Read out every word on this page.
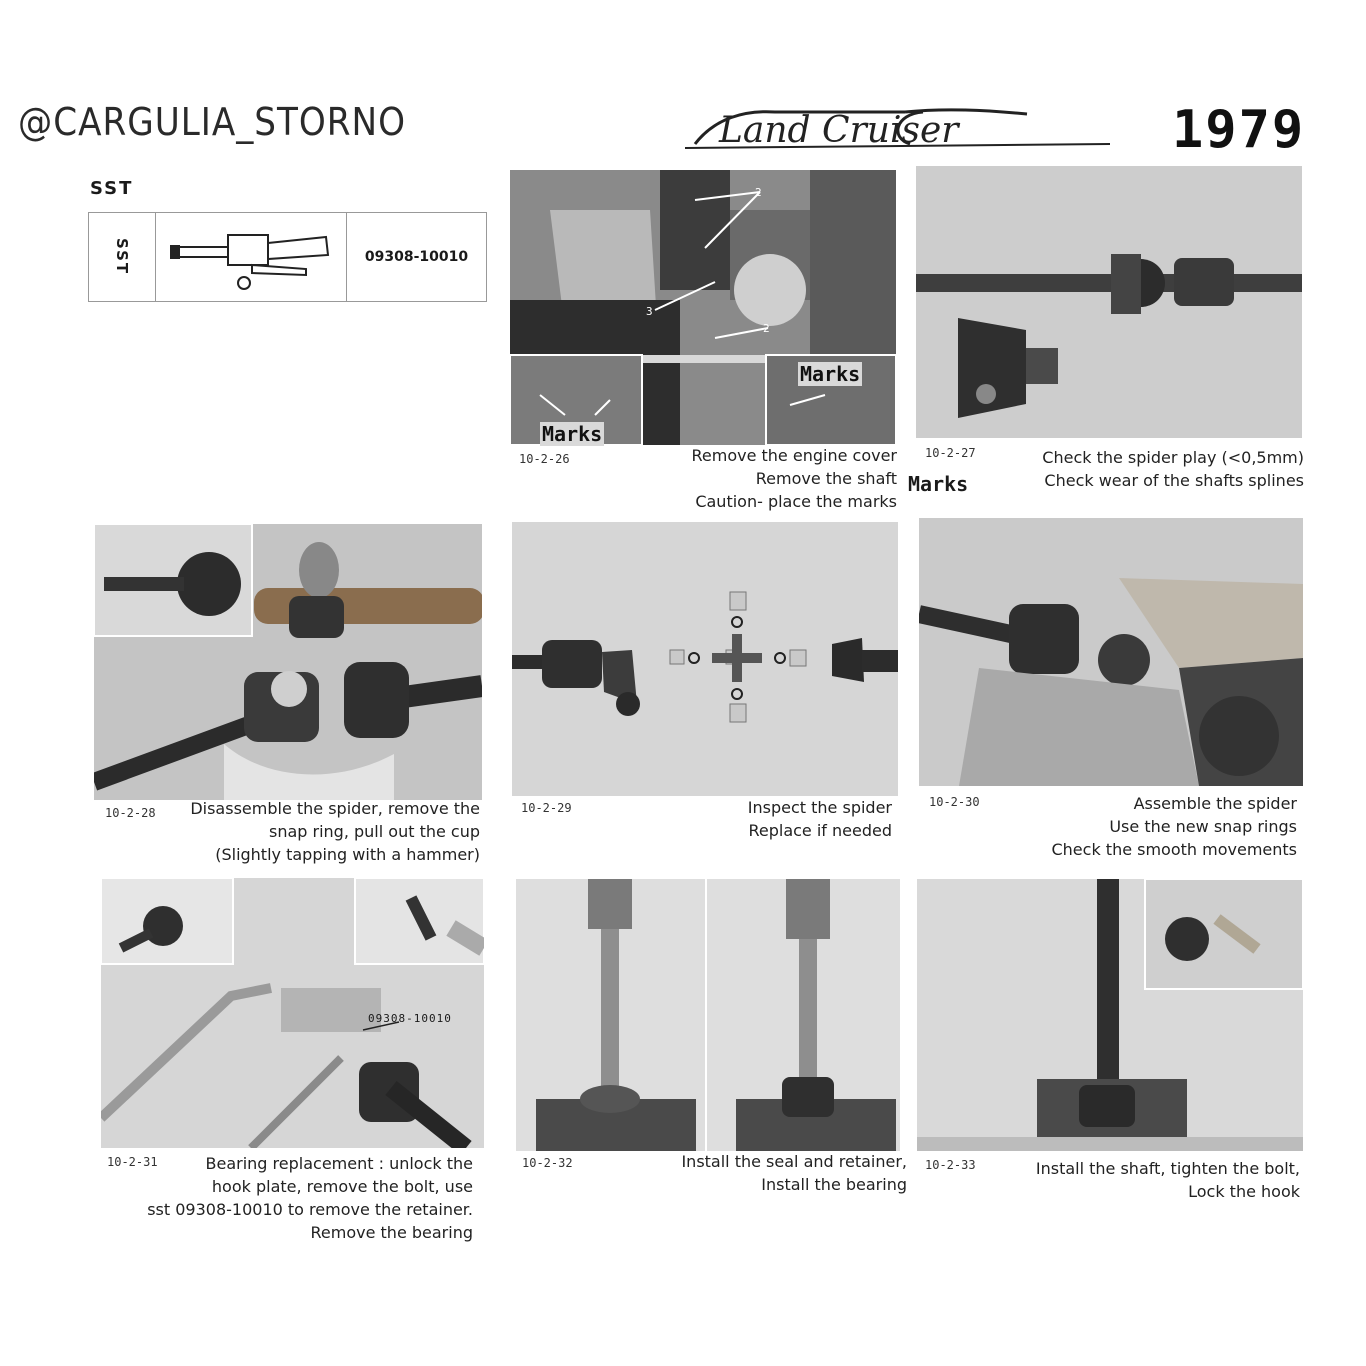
@CARGULIA_STORNO	Land Cruiser	1979
SST
SST	09308-10010
2
2
3
Marks
Marks
10-2-26	Remove the engine cover
Remove the shaft
Caution- place the marks
10-2-27
Marks
Check the spider play (<0,5mm)
Check wear of the shafts splines
10-2-28 Disassemble the spider, remove the
snap ring, pull out the cup
(Slightly tapping with a hammer)
10-2-29	Inspect the spider
Replace if needed
10-2-30	Assemble the spider
Use the new snap rings
Check the smooth movements
09308-10010
10-2-31	Bearing replacement : unlock the
hook plate, remove the bolt, use
sst 09308-10010 to remove the retainer.
Remove the bearing
10-2-32	Install the seal and retainer,
Install the bearing
10-2-33	Install the shaft, tighten the bolt,
Lock the hook
